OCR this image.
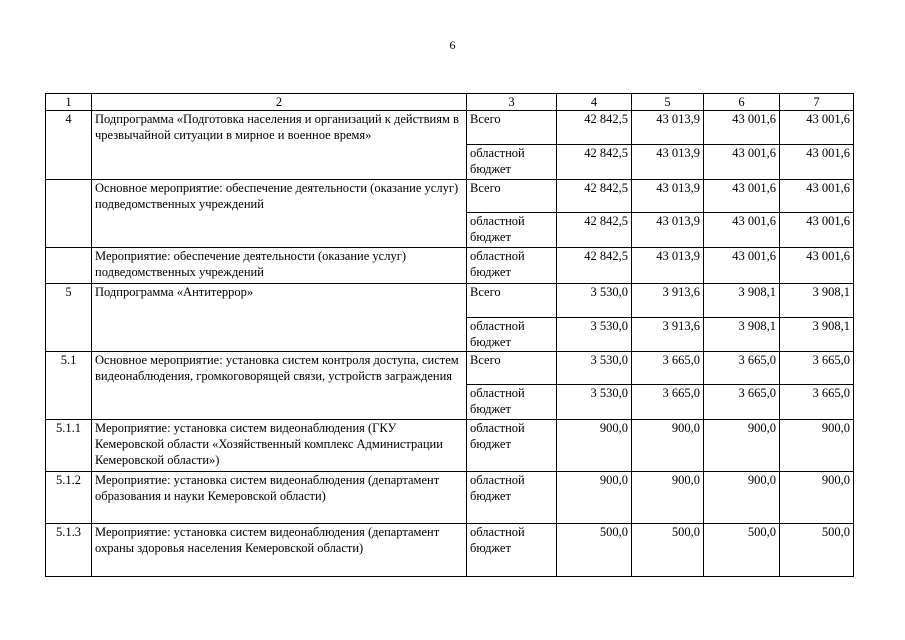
6
1	2	3	4	5	6	7
4	Подпрограмма «Подготовка населения и организаций к действиям в чрезвычайной ситуации в мирное и военное время»	Всего	42 842,5	43 013,9	43 001,6	43 001,6
		областной бюджет	42 842,5	43 013,9	43 001,6	43 001,6
	Основное мероприятие: обеспечение деятельности (оказание услуг) подведомственных учреждений	Всего	42 842,5	43 013,9	43 001,6	43 001,6
		областной бюджет	42 842,5	43 013,9	43 001,6	43 001,6
	Мероприятие: обеспечение деятельности (оказание услуг) подведомственных учреждений	областной бюджет	42 842,5	43 013,9	43 001,6	43 001,6
5	Подпрограмма «Антитеррор»	Всего	3 530,0	3 913,6	3 908,1	3 908,1
		областной бюджет	3 530,0	3 913,6	3 908,1	3 908,1
5.1	Основное мероприятие: установка систем контроля доступа, систем видеонаблюдения, громкоговорящей связи, устройств заграждения	Всего	3 530,0	3 665,0	3 665,0	3 665,0
		областной бюджет	3 530,0	3 665,0	3 665,0	3 665,0
5.1.1	Мероприятие: установка систем видеонаблюдения (ГКУ Кемеровской области «Хозяйственный комплекс Администрации Кемеровской области»)	областной бюджет	900,0	900,0	900,0	900,0
5.1.2	Мероприятие: установка систем видеонаблюдения (департамент образования и науки Кемеровской области)	областной бюджет	900,0	900,0	900,0	900,0
5.1.3	Мероприятие: установка систем видеонаблюдения (департамент охраны здоровья населения Кемеровской области)	областной бюджет	500,0	500,0	500,0	500,0
